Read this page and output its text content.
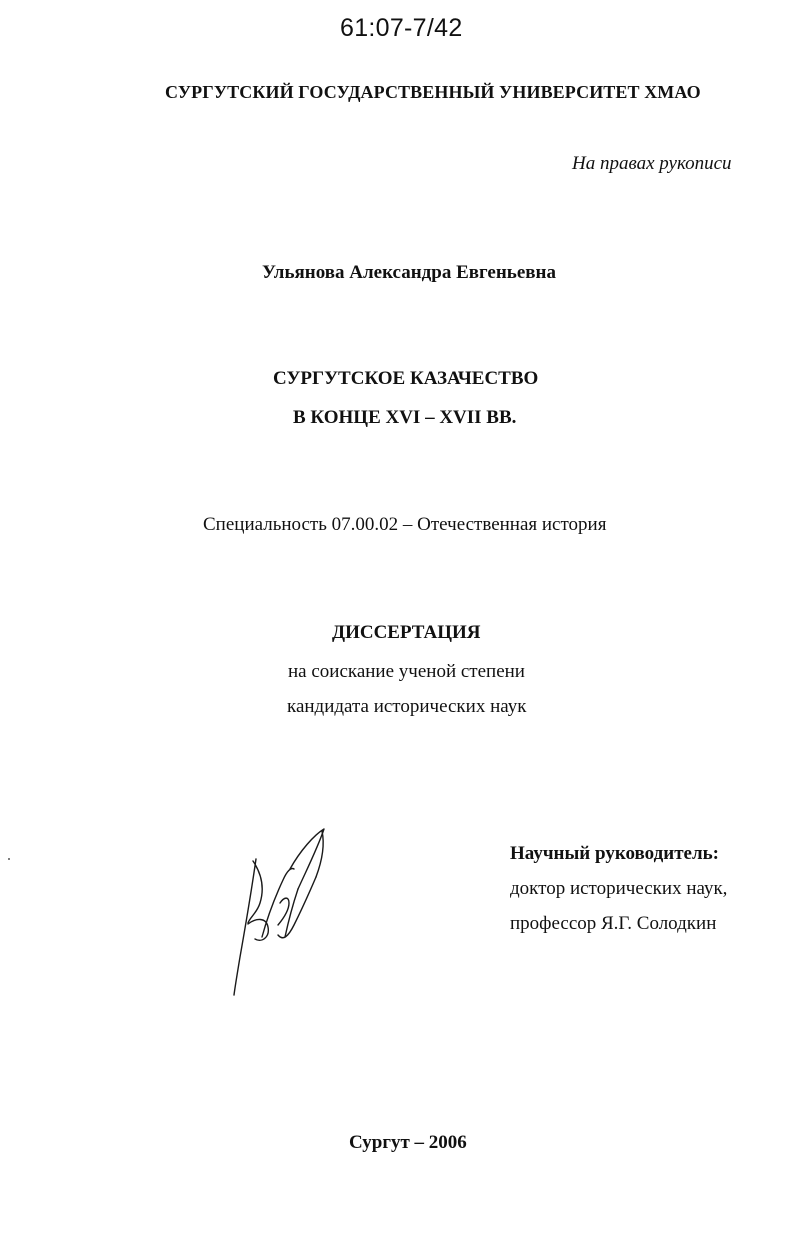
61:07-7/42
СУРГУТСКИЙ ГОСУДАРСТВЕННЫЙ УНИВЕРСИТЕТ ХМАО
На правах рукописи
Ульянова Александра Евгеньевна
СУРГУТСКОЕ КАЗАЧЕСТВО
В КОНЦЕ XVI – XVII ВВ.
Специальность 07.00.02 – Отечественная история
ДИССЕРТАЦИЯ
на соискание ученой степени
кандидата исторических наук
Научный руководитель:
доктор исторических наук,
профессор Я.Г. Солодкин
Сургут – 2006
